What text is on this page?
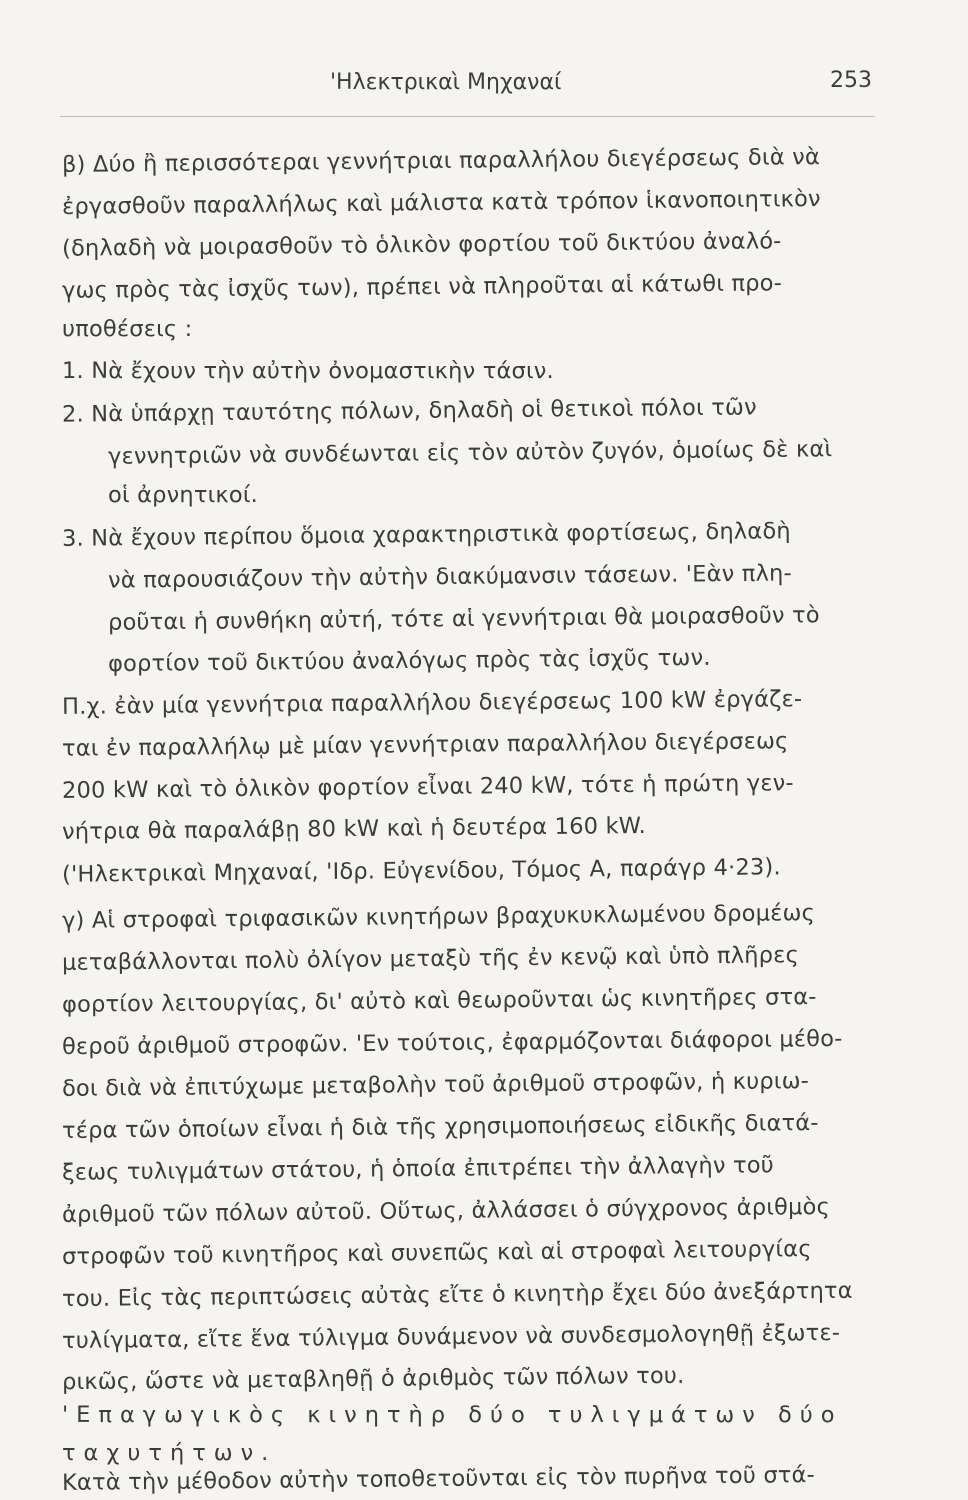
'Ηλεκτρικαὶ Μηχαναί	253
β) Δύο ἢ περισσότεραι γεννήτριαι παραλλήλου διεγέρσεως διὰ νὰ
ἐργασθοῦν παραλλήλως καὶ μάλιστα κατὰ τρόπον ἱκανοποιητικὸν
(δηλαδὴ νὰ μοιρασθοῦν τὸ ὁλικὸν φορτίου τοῦ δικτύου ἀναλό-
γως πρὸς τὰς ἰσχῦς των), πρέπει νὰ πληροῦται αἱ κάτωθι προ-
υποθέσεις :
1. Νὰ ἔχουν τὴν αὐτὴν ὀνομαστικὴν τάσιν.
2. Νὰ ὑπάρχῃ ταυτότης πόλων, δηλαδὴ οἱ θετικοὶ πόλοι τῶν
γεννητριῶν νὰ συνδέωνται εἰς τὸν αὐτὸν ζυγόν, ὁμοίως δὲ καὶ
οἱ ἀρνητικοί.
3. Νὰ ἔχουν περίπου ὅμοια χαρακτηριστικὰ φορτίσεως, δηλαδὴ
νὰ παρουσιάζουν τὴν αὐτὴν διακύμανσιν τάσεων. 'Εὰν πλη-
ροῦται ἡ συνθήκη αὐτή, τότε αἱ γεννήτριαι θὰ μοιρασθοῦν τὸ
φορτίον τοῦ δικτύου ἀναλόγως πρὸς τὰς ἰσχῦς των.
Π.χ. ἐὰν μία γεννήτρια παραλλήλου διεγέρσεως 100 kW ἐργάζε-
ται ἐν παραλλήλῳ μὲ μίαν γεννήτριαν παραλλήλου διεγέρσεως
200 kW καὶ τὸ ὁλικὸν φορτίον εἶναι 240 kW, τότε ἡ πρώτη γεν-
νήτρια θὰ παραλάβῃ 80 kW καὶ ἡ δευτέρα 160 kW.
('Ηλεκτρικαὶ Μηχαναί, 'Ιδρ. Εὐγενίδου, Τόμος Α, παράγρ 4·23).
γ) Αἱ στροφαὶ τριφασικῶν κινητήρων βραχυκυκλωμένου δρομέως
μεταβάλλονται πολὺ ὀλίγον μεταξὺ τῆς ἐν κενῷ καὶ ὑπὸ πλῆρες
φορτίον λειτουργίας, δι' αὐτὸ καὶ θεωροῦνται ὡς κινητῆρες στα-
θεροῦ ἀριθμοῦ στροφῶν. 'Εν τούτοις, ἐφαρμόζονται διάφοροι μέθο-
δοι διὰ νὰ ἐπιτύχωμε μεταβολὴν τοῦ ἀριθμοῦ στροφῶν, ἡ κυριω-
τέρα τῶν ὁποίων εἶναι ἡ διὰ τῆς χρησιμοποιήσεως εἰδικῆς διατά-
ξεως τυλιγμάτων στάτου, ἡ ὁποία ἐπιτρέπει τὴν ἀλλαγὴν τοῦ
ἀριθμοῦ τῶν πόλων αὐτοῦ. Οὕτως, ἀλλάσσει ὁ σύγχρονος ἀριθμὸς
στροφῶν τοῦ κινητῆρος καὶ συνεπῶς καὶ αἱ στροφαὶ λειτουργίας
του. Εἰς τὰς περιπτώσεις αὐτὰς εἴτε ὁ κινητὴρ ἔχει δύο ἀνεξάρτητα
τυλίγματα, εἴτε ἕνα τύλιγμα δυνάμενον νὰ συνδεσμολογηθῇ ἐξωτε-
ρικῶς, ὥστε νὰ μεταβληθῇ ὁ ἀριθμὸς τῶν πόλων του.
'Επαγωγικὸς κινητὴρ δύο τυλιγμάτων δύο
ταχυτήτων.
Κατὰ τὴν μέθοδον αὐτὴν τοποθετοῦνται εἰς τὸν πυρῆνα τοῦ στά-
